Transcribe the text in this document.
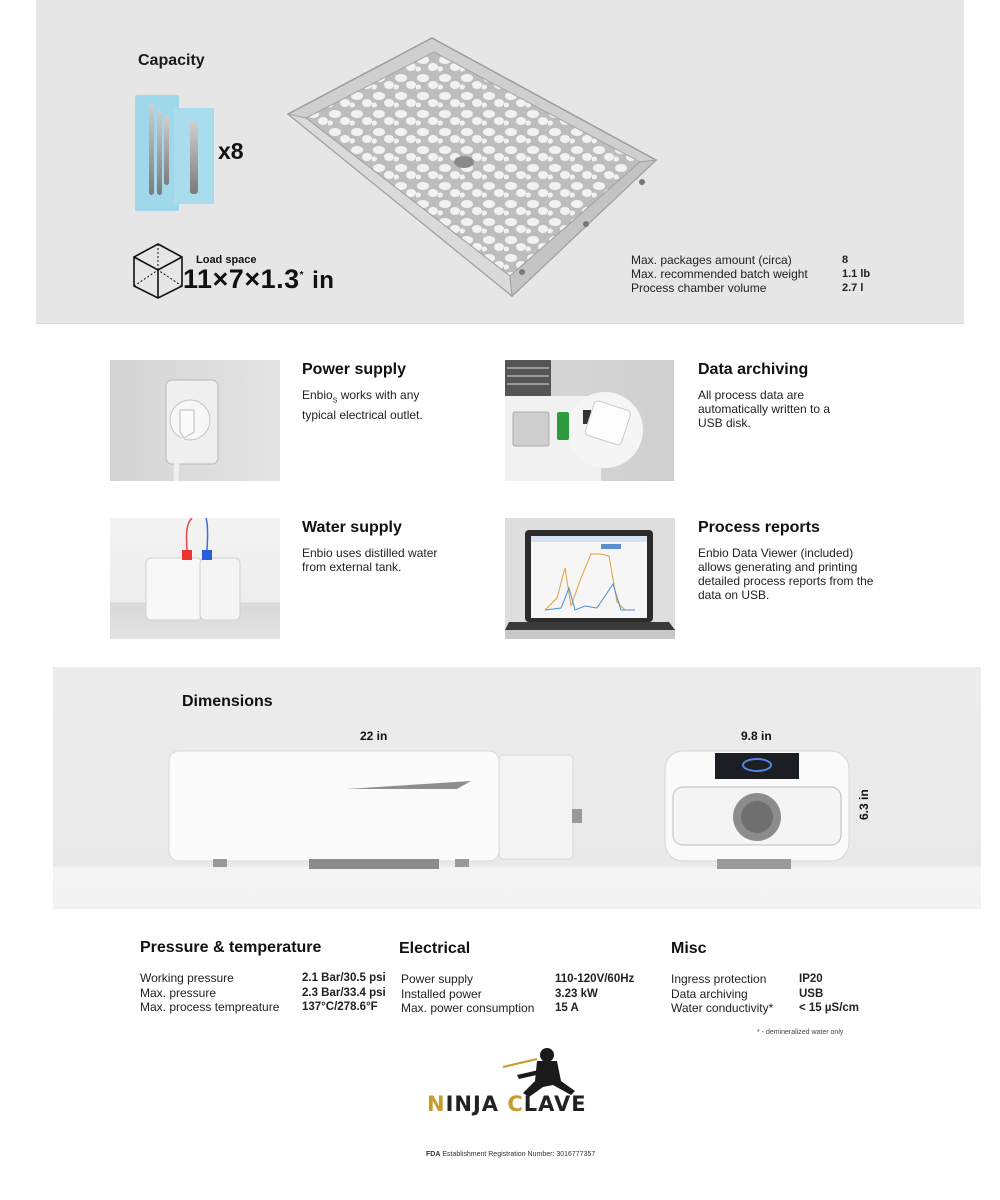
Capacity
x8
Load space
11×7×1.3* in
Max. packages amount (circa)	8
Max. recommended batch weight	1.1 lb
Process chamber volume	2.7 l
Power supply
Enbio$_S$ works with any typical electrical outlet.
Data archiving
All process data are automatically written to a USB disk.
Water supply
Enbio uses distilled water from external tank.
Process reports
Enbio Data Viewer (included) allows generating and printing detailed process reports from the data on USB.
Dimensions
22 in	9.8 in
6.3 in
Pressure & temperature
Working pressure	2.1 Bar/30.5 psi
Max. pressure	2.3 Bar/33.4 psi
Max. process tempreature	137°C/278.6°F
Electrical
Power supply	110-120V/60Hz
Installed power	3.23 kW
Max. power consumption	15 A
Misc
Ingress protection	IP20
Data archiving	USB
Water conductivity*	< 15 µS/cm
* - demineralized water only
NINJA CLAVE
FDA Establishment Registration Number: 3016777357
